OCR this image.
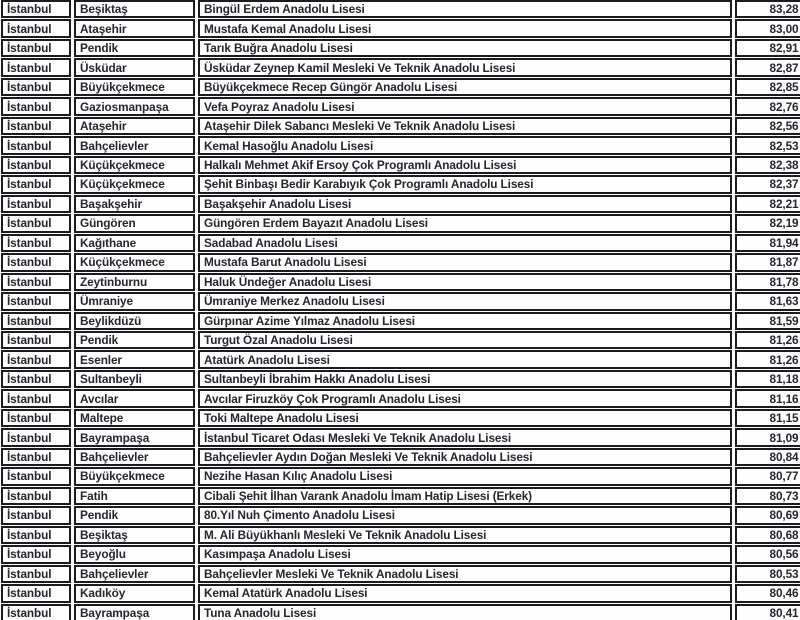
İstanbul	Beşiktaş	Bingül Erdem Anadolu Lisesi	83,28
İstanbul	Ataşehir	Mustafa Kemal Anadolu Lisesi	83,00
İstanbul	Pendik	Tarık Buğra Anadolu Lisesi	82,91
İstanbul	Üsküdar	Üsküdar Zeynep Kamil Mesleki Ve Teknik Anadolu Lisesi	82,87
İstanbul	Büyükçekmece	Büyükçekmece Recep Güngör Anadolu Lisesi	82,85
İstanbul	Gaziosmanpaşa	Vefa Poyraz Anadolu Lisesi	82,76
İstanbul	Ataşehir	Ataşehir Dilek Sabancı Mesleki Ve Teknik Anadolu Lisesi	82,56
İstanbul	Bahçelievler	Kemal Hasoğlu Anadolu Lisesi	82,53
İstanbul	Küçükçekmece	Halkalı Mehmet Akif Ersoy Çok Programlı Anadolu Lisesi	82,38
İstanbul	Küçükçekmece	Şehit Binbaşı Bedir Karabıyık Çok Programlı Anadolu Lisesi	82,37
İstanbul	Başakşehir	Başakşehir Anadolu Lisesi	82,21
İstanbul	Güngören	Güngören Erdem Bayazıt Anadolu Lisesi	82,19
İstanbul	Kağıthane	Sadabad Anadolu Lisesi	81,94
İstanbul	Küçükçekmece	Mustafa Barut Anadolu Lisesi	81,87
İstanbul	Zeytinburnu	Haluk Ündeğer Anadolu Lisesi	81,78
İstanbul	Ümraniye	Ümraniye Merkez Anadolu Lisesi	81,63
İstanbul	Beylikdüzü	Gürpınar Azime Yılmaz Anadolu Lisesi	81,59
İstanbul	Pendik	Turgut Özal Anadolu Lisesi	81,26
İstanbul	Esenler	Atatürk Anadolu Lisesi	81,26
İstanbul	Sultanbeyli	Sultanbeyli İbrahim Hakkı Anadolu Lisesi	81,18
İstanbul	Avcılar	Avcılar Firuzköy Çok Programlı Anadolu Lisesi	81,16
İstanbul	Maltepe	Toki Maltepe Anadolu Lisesi	81,15
İstanbul	Bayrampaşa	İstanbul Ticaret Odası Mesleki Ve Teknik Anadolu Lisesi	81,09
İstanbul	Bahçelievler	Bahçelievler Aydın Doğan Mesleki Ve Teknik Anadolu Lisesi	80,84
İstanbul	Büyükçekmece	Nezihe Hasan Kılıç Anadolu Lisesi	80,77
İstanbul	Fatih	Cibali Şehit İlhan Varank Anadolu İmam Hatip Lisesi (Erkek)	80,73
İstanbul	Pendik	80.Yıl Nuh Çimento Anadolu Lisesi	80,69
İstanbul	Beşiktaş	M. Ali Büyükhanlı Mesleki Ve Teknik Anadolu Lisesi	80,68
İstanbul	Beyoğlu	Kasımpaşa Anadolu Lisesi	80,56
İstanbul	Bahçelievler	Bahçelievler Mesleki Ve Teknik Anadolu Lisesi	80,53
İstanbul	Kadıköy	Kemal Atatürk Anadolu Lisesi	80,46
İstanbul	Bayrampaşa	Tuna Anadolu Lisesi	80,41
